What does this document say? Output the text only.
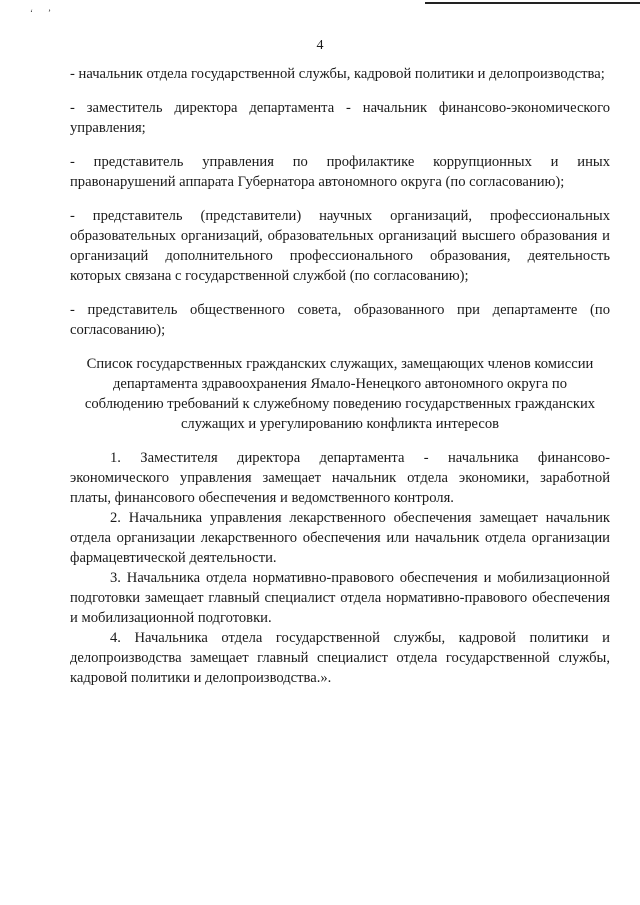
‘ ’
4

- начальник отдела государственной службы, кадровой политики и делопроизводства;

- заместитель директора департамента - начальник финансово-экономического управления;

- представитель управления по профилактике коррупционных и иных правонарушений аппарата Губернатора автономного округа (по согласованию);

- представитель (представители) научных организаций, профессиональных образовательных организаций, образовательных организаций высшего образования и организаций дополнительного профессионального образования, деятельность которых связана с государственной службой (по согласованию);

- представитель общественного совета, образованного при департаменте (по согласованию);

Список государственных гражданских служащих, замещающих членов комиссии департамента здравоохранения Ямало-Ненецкого автономного округа по соблюдению требований к служебному поведению государственных гражданских служащих и урегулированию конфликта интересов

1. Заместителя директора департамента - начальника финансово-экономического управления замещает начальник отдела экономики, заработной платы, финансового обеспечения и ведомственного контроля.

2. Начальника управления лекарственного обеспечения замещает начальник отдела организации лекарственного обеспечения или начальник отдела организации фармацевтической деятельности.

3. Начальника отдела нормативно-правового обеспечения и мобилизационной подготовки замещает главный специалист отдела нормативно-правового обеспечения и мобилизационной подготовки.

4. Начальника отдела государственной службы, кадровой политики и делопроизводства замещает главный специалист отдела государственной службы, кадровой политики и делопроизводства.».
